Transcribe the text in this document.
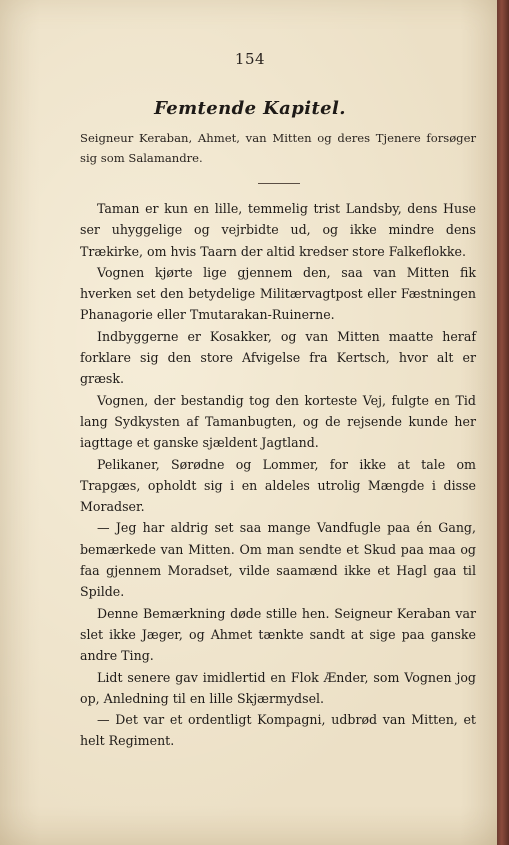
154
Femtende Kapitel.
Seigneur Keraban, Ahmet, van Mitten og deres Tjenere forsøger sig som Salamandre.

Taman er kun en lille, temmelig trist Landsby, dens Huse ser uhyggelige og vejrbidte ud, og ikke mindre dens Trækirke, om hvis Taarn der altid kredser store Falkeflokke.

Vognen kjørte lige gjennem den, saa van Mitten fik hverken set den betydelige Militærvagtpost eller Fæstningen Phanagorie eller Tmutarakan-Ruinerne.

Indbyggerne er Kosakker, og van Mitten maatte heraf forklare sig den store Afvigelse fra Kertsch, hvor alt er græsk.

Vognen, der bestandig tog den korteste Vej, fulgte en Tid lang Sydkysten af Tamanbugten, og de rejsende kunde her iagttage et ganske sjældent Jagtland.

Pelikaner, Sørødne og Lommer, for ikke at tale om Trapgæs, opholdt sig i en aldeles utrolig Mængde i disse Moradser.

— Jeg har aldrig set saa mange Vandfugle paa én Gang, bemærkede van Mitten. Om man sendte et Skud paa maa og faa gjennem Moradset, vilde saamænd ikke et Hagl gaa til Spilde.

Denne Bemærkning døde stille hen. Seigneur Keraban var slet ikke Jæger, og Ahmet tænkte sandt at sige paa ganske andre Ting.

Lidt senere gav imidlertid en Flok Ænder, som Vognen jog op, Anledning til en lille Skjærmydsel.

— Det var et ordentligt Kompagni, udbrød van Mitten, et helt Regiment.
